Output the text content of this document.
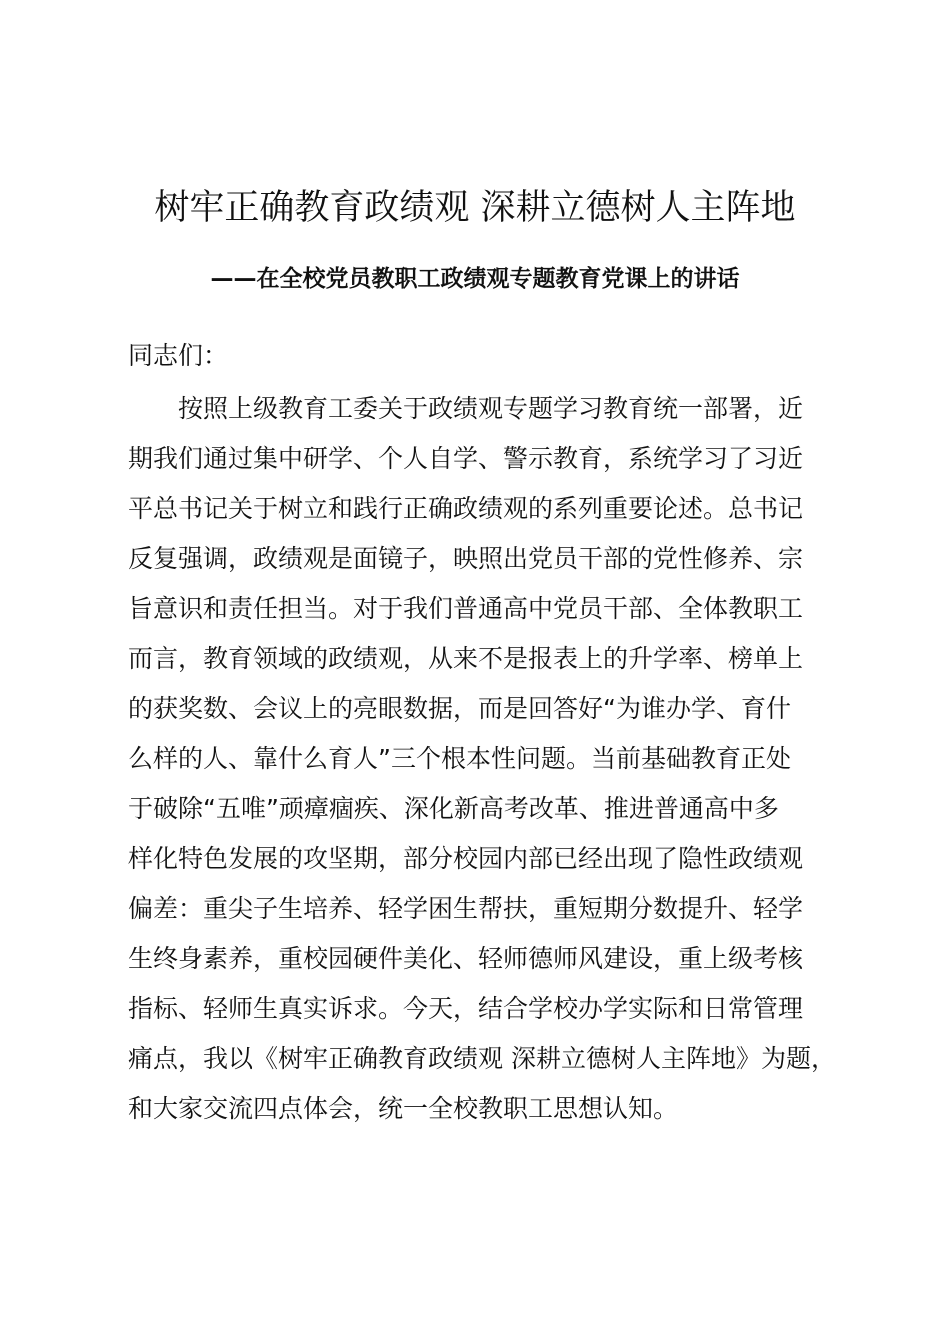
树牢正确教育政绩观 深耕立德树人主阵地
——在全校党员教职工政绩观专题教育党课上的讲话

同志们：

按照上级教育工委关于政绩观专题学习教育统一部署，近
期我们通过集中研学、个人自学、警示教育，系统学习了习近
平总书记关于树立和践行正确政绩观的系列重要论述。总书记
反复强调，政绩观是面镜子，映照出党员干部的党性修养、宗
旨意识和责任担当。对于我们普通高中党员干部、全体教职工
而言，教育领域的政绩观，从来不是报表上的升学率、榜单上
的获奖数、会议上的亮眼数据，而是回答好“为谁办学、育什
么样的人、靠什么育人”三个根本性问题。当前基础教育正处
于破除“五唯”顽瘴痼疾、深化新高考改革、推进普通高中多
样化特色发展的攻坚期，部分校园内部已经出现了隐性政绩观
偏差：重尖子生培养、轻学困生帮扶，重短期分数提升、轻学
生终身素养，重校园硬件美化、轻师德师风建设，重上级考核
指标、轻师生真实诉求。今天，结合学校办学实际和日常管理
痛点，我以《树牢正确教育政绩观 深耕立德树人主阵地》为题，
和大家交流四点体会，统一全校教职工思想认知。
